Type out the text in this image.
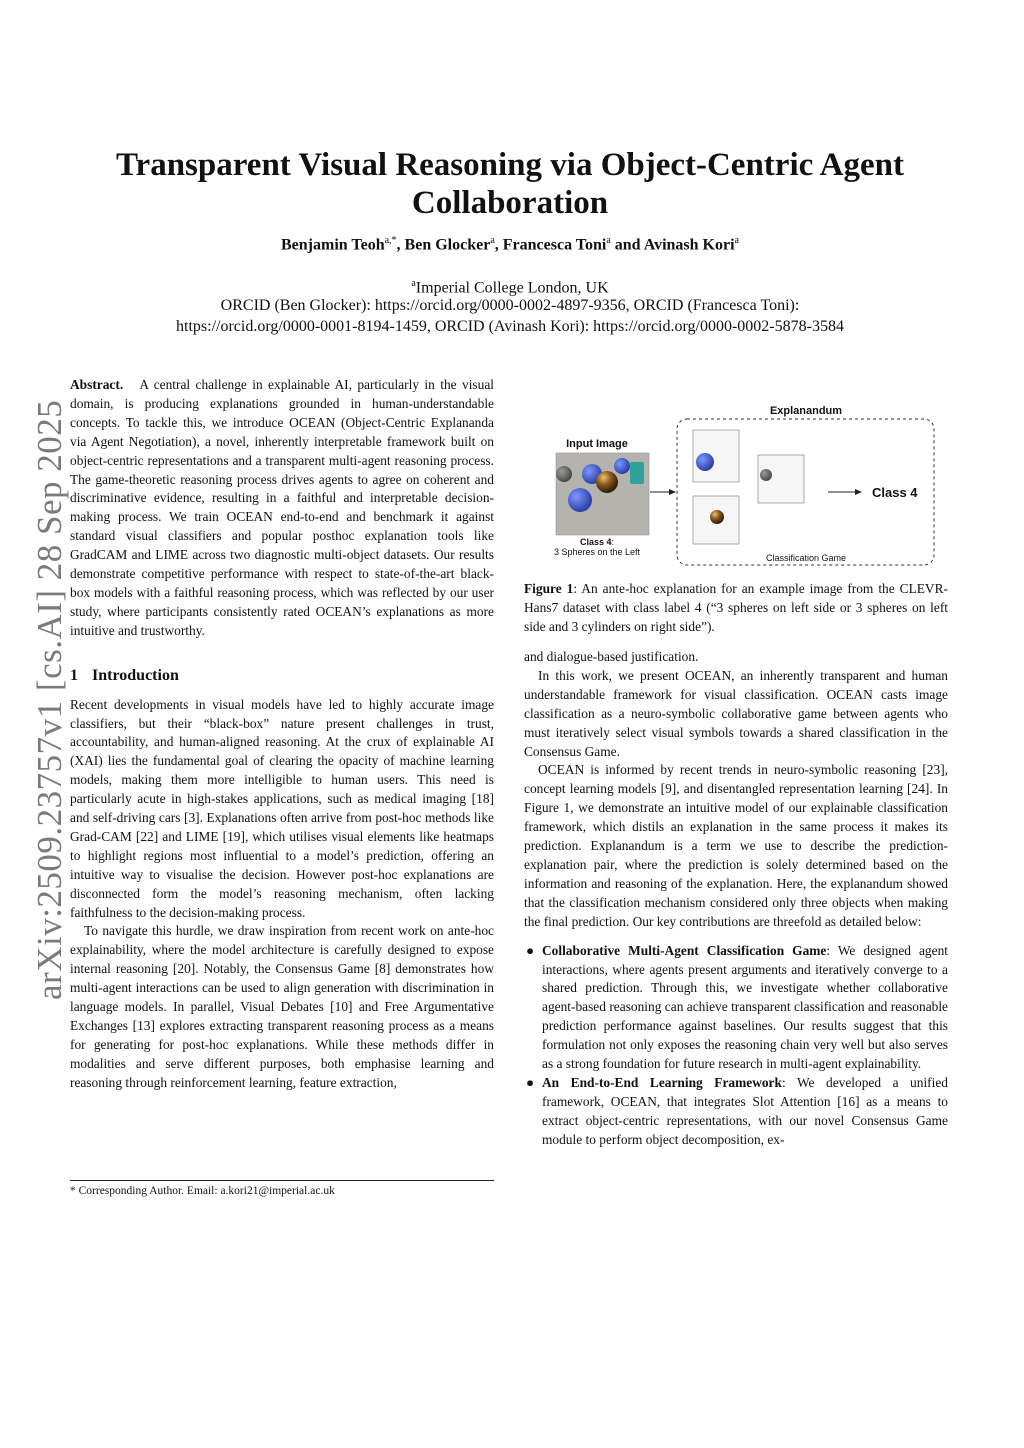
arXiv:2509.23757v1 [cs.AI] 28 Sep 2025
Transparent Visual Reasoning via Object-Centric Agent Collaboration
Benjamin Teoh$^{a,*}$, Ben Glocker$^a$, Francesca Toni$^a$ and Avinash Kori$^a$
$^a$Imperial College London, UK
ORCID (Ben Glocker): https://orcid.org/0000-0002-4897-9356, ORCID (Francesca Toni):
https://orcid.org/0000-0001-8194-1459, ORCID (Avinash Kori): https://orcid.org/0000-0002-5878-3584

Abstract. A central challenge in explainable AI, particularly in the visual domain, is producing explanations grounded in human-understandable concepts. To tackle this, we introduce OCEAN (Object-Centric Explananda via Agent Negotiation), a novel, inherently interpretable framework built on object-centric representations and a transparent multi-agent reasoning process. The game-theoretic reasoning process drives agents to agree on coherent and discriminative evidence, resulting in a faithful and interpretable decision-making process. We train OCEAN end-to-end and benchmark it against standard visual classifiers and popular posthoc explanation tools like GradCAM and LIME across two diagnostic multi-object datasets. Our results demonstrate competitive performance with respect to state-of-the-art black-box models with a faithful reasoning process, which was reflected by our user study, where participants consistently rated OCEAN’s explanations as more intuitive and trustworthy.

1 Introduction

Recent developments in visual models have led to highly accurate image classifiers, but their “black-box” nature present challenges in trust, accountability, and human-aligned reasoning. At the crux of explainable AI (XAI) lies the fundamental goal of clearing the opacity of machine learning models, making them more intelligible to human users. This need is particularly acute in high-stakes applications, such as medical imaging [18] and self-driving cars [3]. Explanations often arrive from post-hoc methods like Grad-CAM [22] and LIME [19], which utilises visual elements like heatmaps to highlight regions most influential to a model’s prediction, offering an intuitive way to visualise the decision. However post-hoc explanations are disconnected form the model’s reasoning mechanism, often lacking faithfulness to the decision-making process.

To navigate this hurdle, we draw inspiration from recent work on ante-hoc explainability, where the model architecture is carefully designed to expose internal reasoning [20]. Notably, the Consensus Game [8] demonstrates how multi-agent interactions can be used to align generation with discrimination in language models. In parallel, Visual Debates [10] and Free Argumentative Exchanges [13] explores extracting transparent reasoning process as a means for generating for post-hoc explanations. While these methods differ in modalities and serve different purposes, both emphasise learning and reasoning through reinforcement learning, feature extraction,

* Corresponding Author. Email: a.kori21@imperial.ac.uk
Input Image
Class 4:
3 Spheres on the Left
Explanandum
Class 4
Classification Game
Figure 1: An ante-hoc explanation for an example image from the CLEVR-Hans7 dataset with class label 4 (“3 spheres on left side or 3 spheres on left side and 3 cylinders on right side”).

and dialogue-based justification.

In this work, we present OCEAN, an inherently transparent and human understandable framework for visual classification. OCEAN casts image classification as a neuro-symbolic collaborative game between agents who must iteratively select visual symbols towards a shared classification in the Consensus Game.

OCEAN is informed by recent trends in neuro-symbolic reasoning [23], concept learning models [9], and disentangled representation learning [24]. In Figure 1, we demonstrate an intuitive model of our explainable classification framework, which distils an explanation in the same process it makes its prediction. Explanandum is a term we use to describe the prediction-explanation pair, where the prediction is solely determined based on the information and reasoning of the explanation. Here, the explanandum showed that the classification mechanism considered only three objects when making the final prediction. Our key contributions are threefold as detailed below:

● Collaborative Multi-Agent Classification Game: We designed agent interactions, where agents present arguments and iteratively converge to a shared prediction. Through this, we investigate whether collaborative agent-based reasoning can achieve transparent classification and reasonable prediction performance against baselines. Our results suggest that this formulation not only exposes the reasoning chain very well but also serves as a strong foundation for future research in multi-agent explainability.
● An End-to-End Learning Framework: We developed a unified framework, OCEAN, that integrates Slot Attention [16] as a means to extract object-centric representations, with our novel Consensus Game module to perform object decomposition, ex-
